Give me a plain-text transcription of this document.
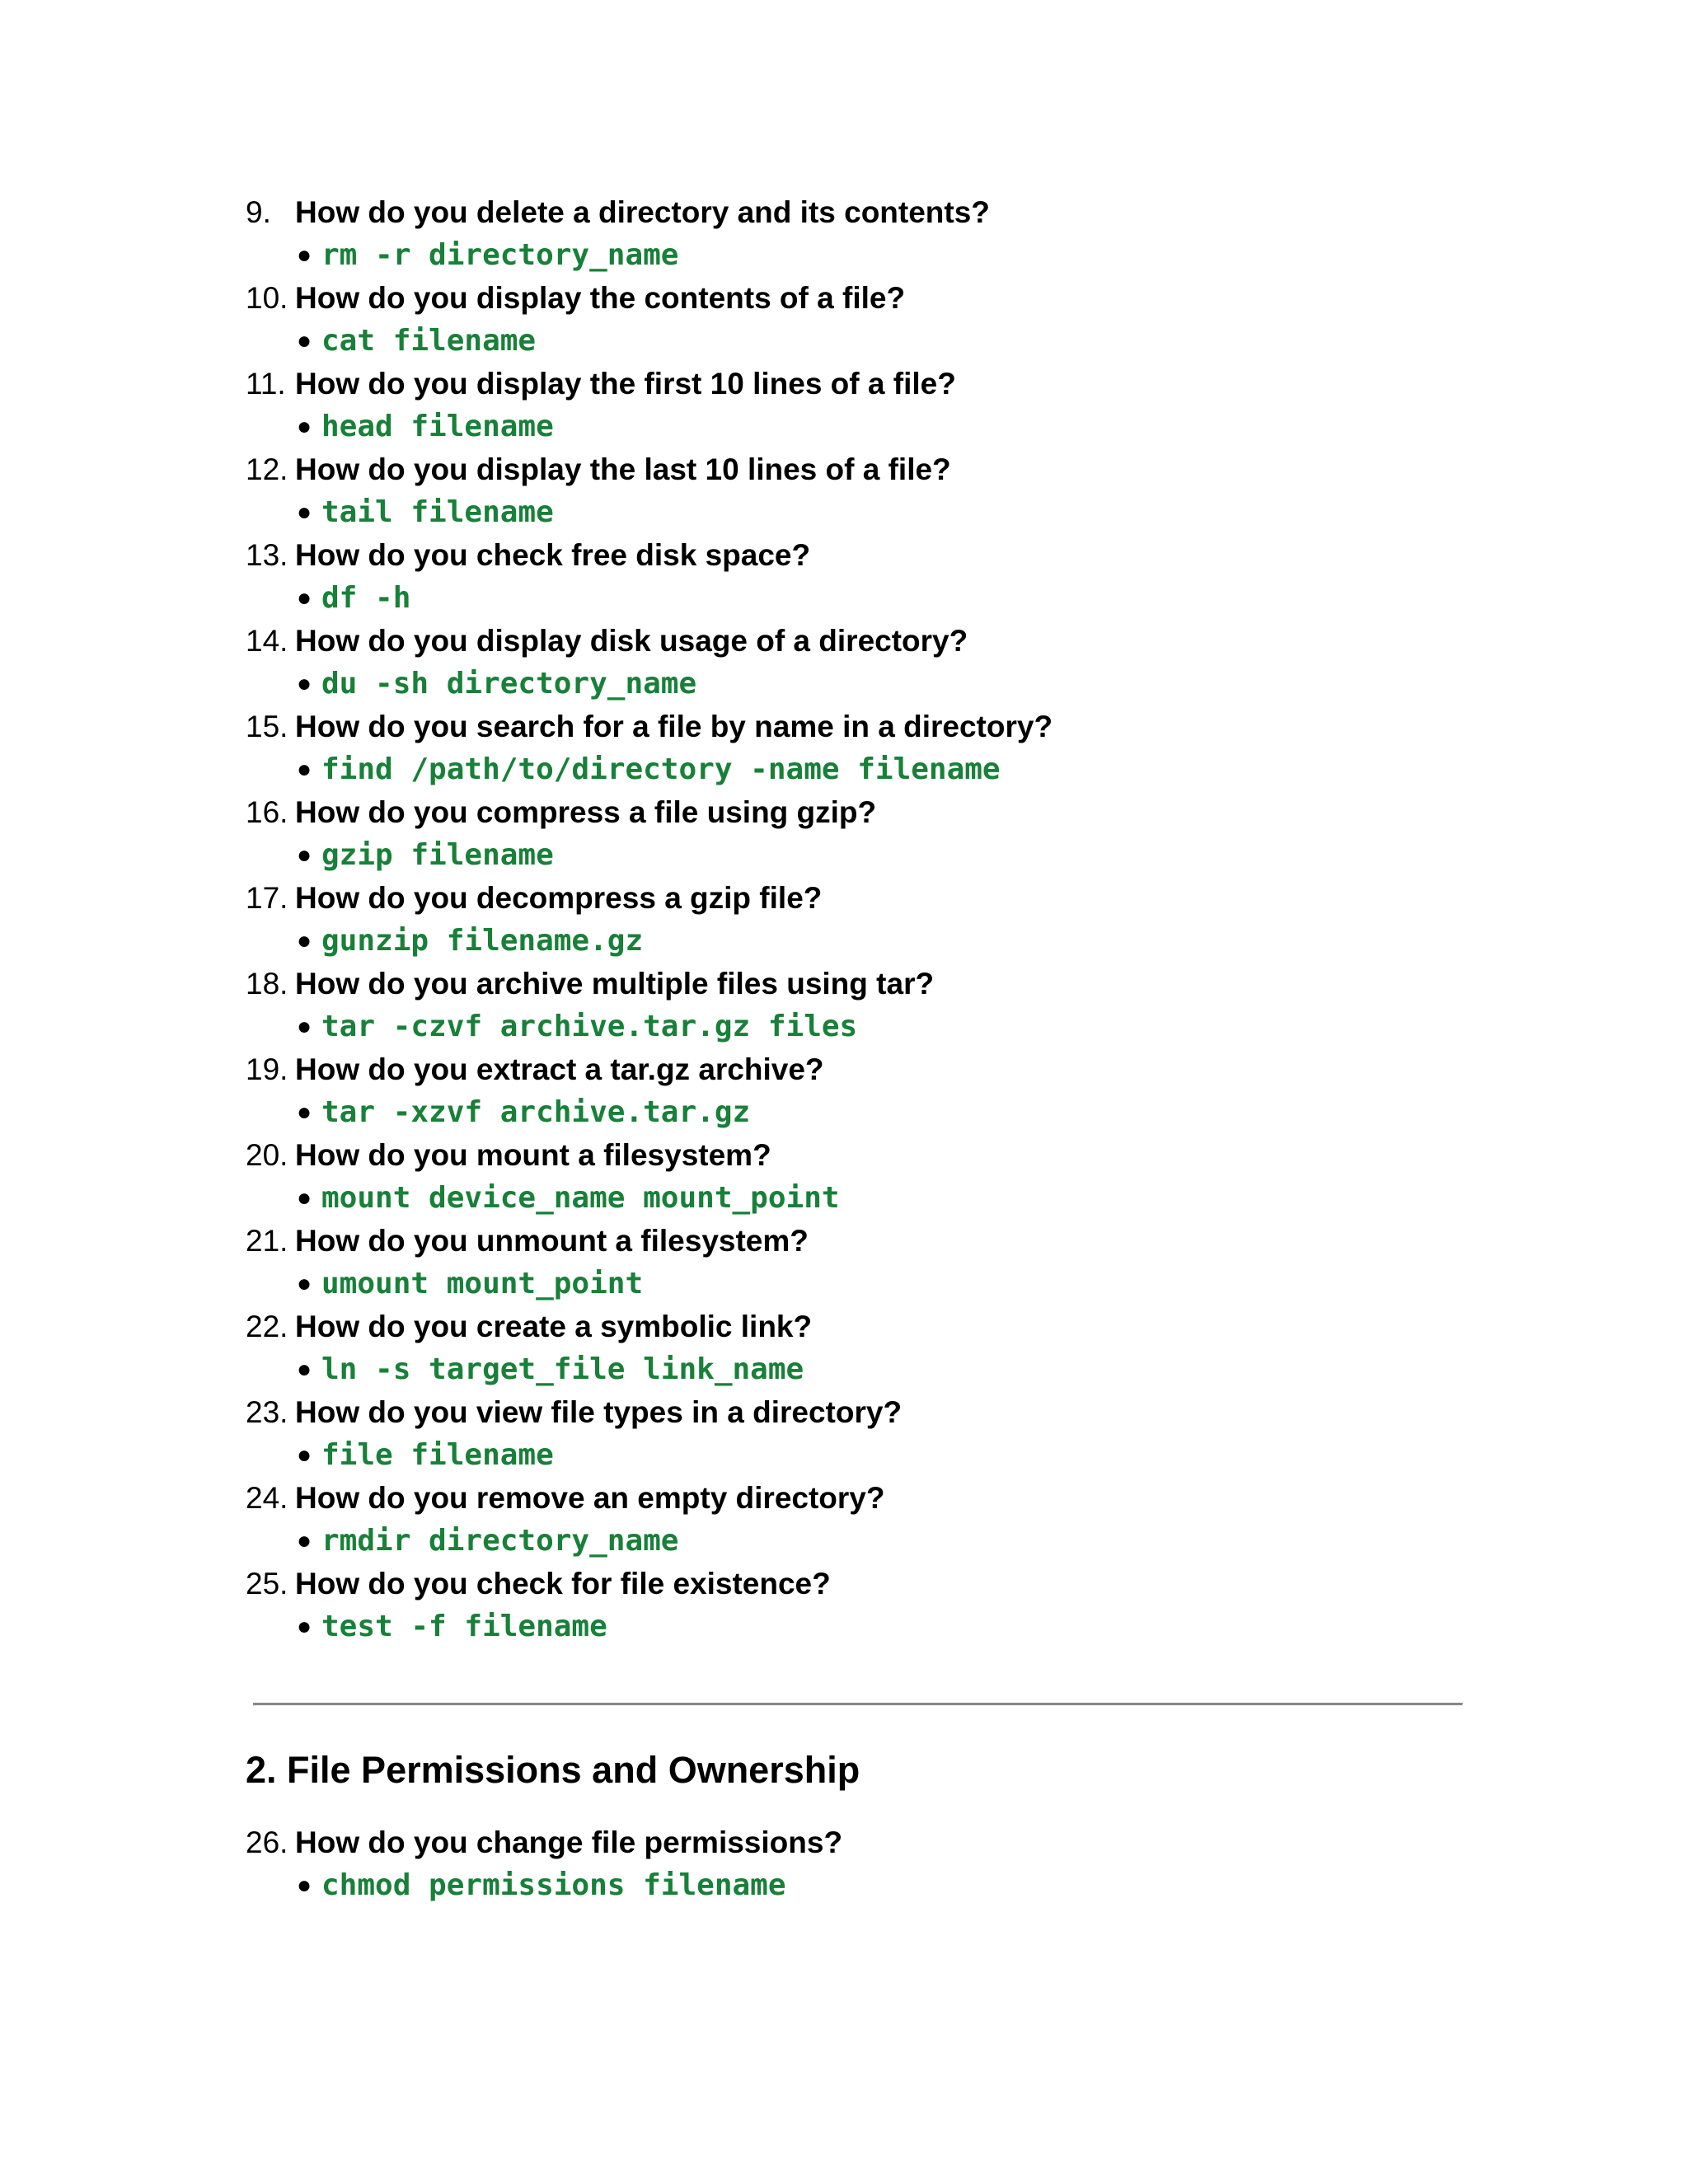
9. How do you delete a directory and its contents?
● rm -r directory_name
10. How do you display the contents of a file?
● cat filename
11. How do you display the first 10 lines of a file?
● head filename
12. How do you display the last 10 lines of a file?
● tail filename
13. How do you check free disk space?
● df -h
14. How do you display disk usage of a directory?
● du -sh directory_name
15. How do you search for a file by name in a directory?
● find /path/to/directory -name filename
16. How do you compress a file using gzip?
● gzip filename
17. How do you decompress a gzip file?
● gunzip filename.gz
18. How do you archive multiple files using tar?
● tar -czvf archive.tar.gz files
19. How do you extract a tar.gz archive?
● tar -xzvf archive.tar.gz
20. How do you mount a filesystem?
● mount device_name mount_point
21. How do you unmount a filesystem?
● umount mount_point
22. How do you create a symbolic link?
● ln -s target_file link_name
23. How do you view file types in a directory?
● file filename
24. How do you remove an empty directory?
● rmdir directory_name
25. How do you check for file existence?
● test -f filename
2. File Permissions and Ownership
26. How do you change file permissions?
● chmod permissions filename
